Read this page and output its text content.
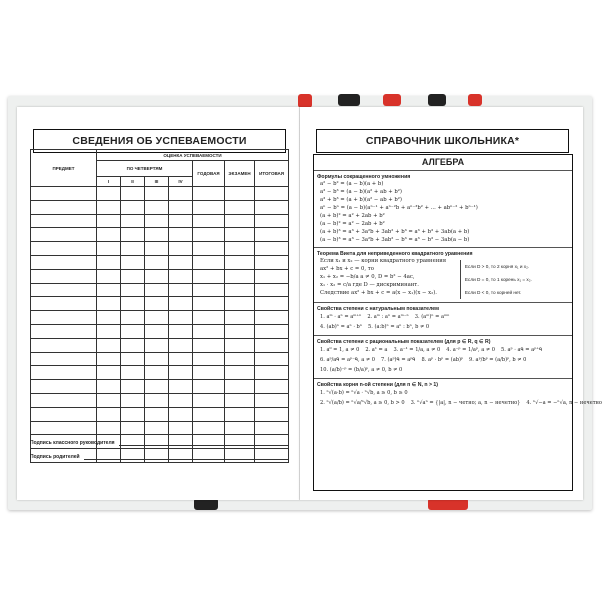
СВЕДЕНИЯ ОБ УСПЕВАЕМОСТИ
ПРЕДМЕТ	ОЦЕНКА УСПЕВАЕМОСТИ						
	ПО ЧЕТВЕРТЯМ				ГОДОВАЯ	ЭКЗАМЕН	ИТОГОВАЯ
	I	II	III	IV			

Подпись классного руководителя
Подпись родителей
СПРАВОЧНИК ШКОЛЬНИКА*
АЛГЕБРА
Формулы сокращенного умножения
a² − b² = (a − b)(a + b)
a³ − b³ = (a − b)(a² + ab + b²)
a³ + b³ = (a + b)(a² − ab + b²)
aⁿ − bⁿ = (a − b)(aⁿ⁻¹ + aⁿ⁻²b + aⁿ⁻³b² + ... + abⁿ⁻² + bⁿ⁻¹)
(a + b)² = a² + 2ab + b²
(a − b)² = a² − 2ab + b²
(a + b)³ = a³ + 3a²b + 3ab² + b³ = a³ + b³ + 3ab(a + b)
(a − b)³ = a³ − 3a²b + 3ab² − b³ = a³ − b³ − 3ab(a − b)
Теорема Виета для неприведенного квадратного уравнения
Если x₁ и x₂ — корни квадратного уравнения
ax² + bx + c = 0, то
x₁ + x₂ = −b/a a ≠ 0, D = b² − 4ac,
x₁ · x₂ = c/a где D — дискриминант.
Следствие ax² + bx + c = a(x − x₁)(x − x₂).
Если D > 0, то 2 корня x₁ и x₂.
Если D = 0, то 1 корень x₁ = x₂.
Если D < 0, то корней нет.
Свойства степени с натуральным показателем
1. aᵐ · aⁿ = aᵐ⁺ⁿ 2. aᵐ : aⁿ = aᵐ⁻ⁿ 3. (aᵐ)ⁿ = aᵐⁿ
4. (ab)ⁿ = aⁿ · bⁿ 5. (a:b)ⁿ = aⁿ : bⁿ, b ≠ 0
Свойства степени с рациональным показателем (для p ∈ R, q ∈ R)
1. a⁰ = 1, a ≠ 0 2. a¹ = a 3. a⁻¹ = 1/a, a ≠ 0 4. a⁻ᵖ = 1/aᵖ, a ≠ 0 5. aᵖ · aᑫ = aᵖ⁺ᑫ
6. aᵖ/aᑫ = aᵖ⁻ᑫ, a ≠ 0 7. (aᵖ)ᑫ = aᵖᑫ 8. aᵖ · bᵖ = (ab)ᵖ 9. aᵖ/bᵖ = (a/b)ᵖ, b ≠ 0
10. (a/b)⁻ᵖ = (b/a)ᵖ, a ≠ 0, b ≠ 0
Свойства корня n-ой степени (для n ∈ N, n > 1)
1. ⁿ√(a·b) = ⁿ√a · ⁿ√b, a ≥ 0, b ≥ 0
2. ⁿ√(a/b) = ⁿ√a/ⁿ√b, a ≥ 0, b > 0 3. ⁿ√aⁿ = {|a|, n − четно; a, n − нечетно} 4. ⁿ√−a = −ⁿ√a, n − нечетно
